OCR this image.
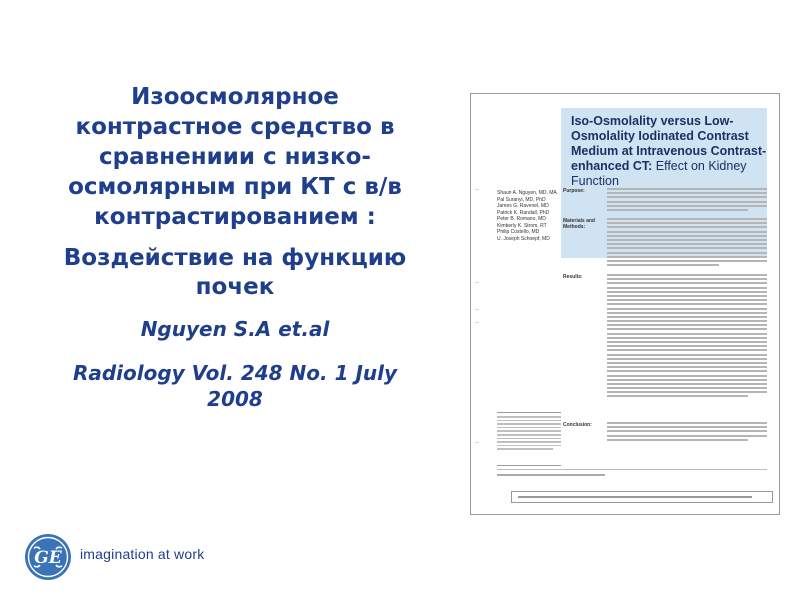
Изоосмолярное
контрастное средство в
сравнениии с низко-
осмолярным при КТ с в/в
контрастированием :

Воздействие на функцию
почек

Nguyen S.A et.al

Radiology Vol. 248 No. 1 July
2008

Iso-Osmolality versus Low-Osmolality Iodinated Contrast Medium at Intravenous Contrast-enhanced CT: Effect on Kidney Function
—
—
—
—
—
Shaun A. Nguyen, MD, MA
Pal Suranyi, MD, PhD
James G. Ravenel, MD
Patrick K. Randall, PhD
Peter B. Romano, MD
Kimberly K. Strom, RT
Philip Costello, MD
U. Joseph Schoepf, MD
Purpose:
Materials and Methods:
Results:
Conclusion:
GE imagination at work
